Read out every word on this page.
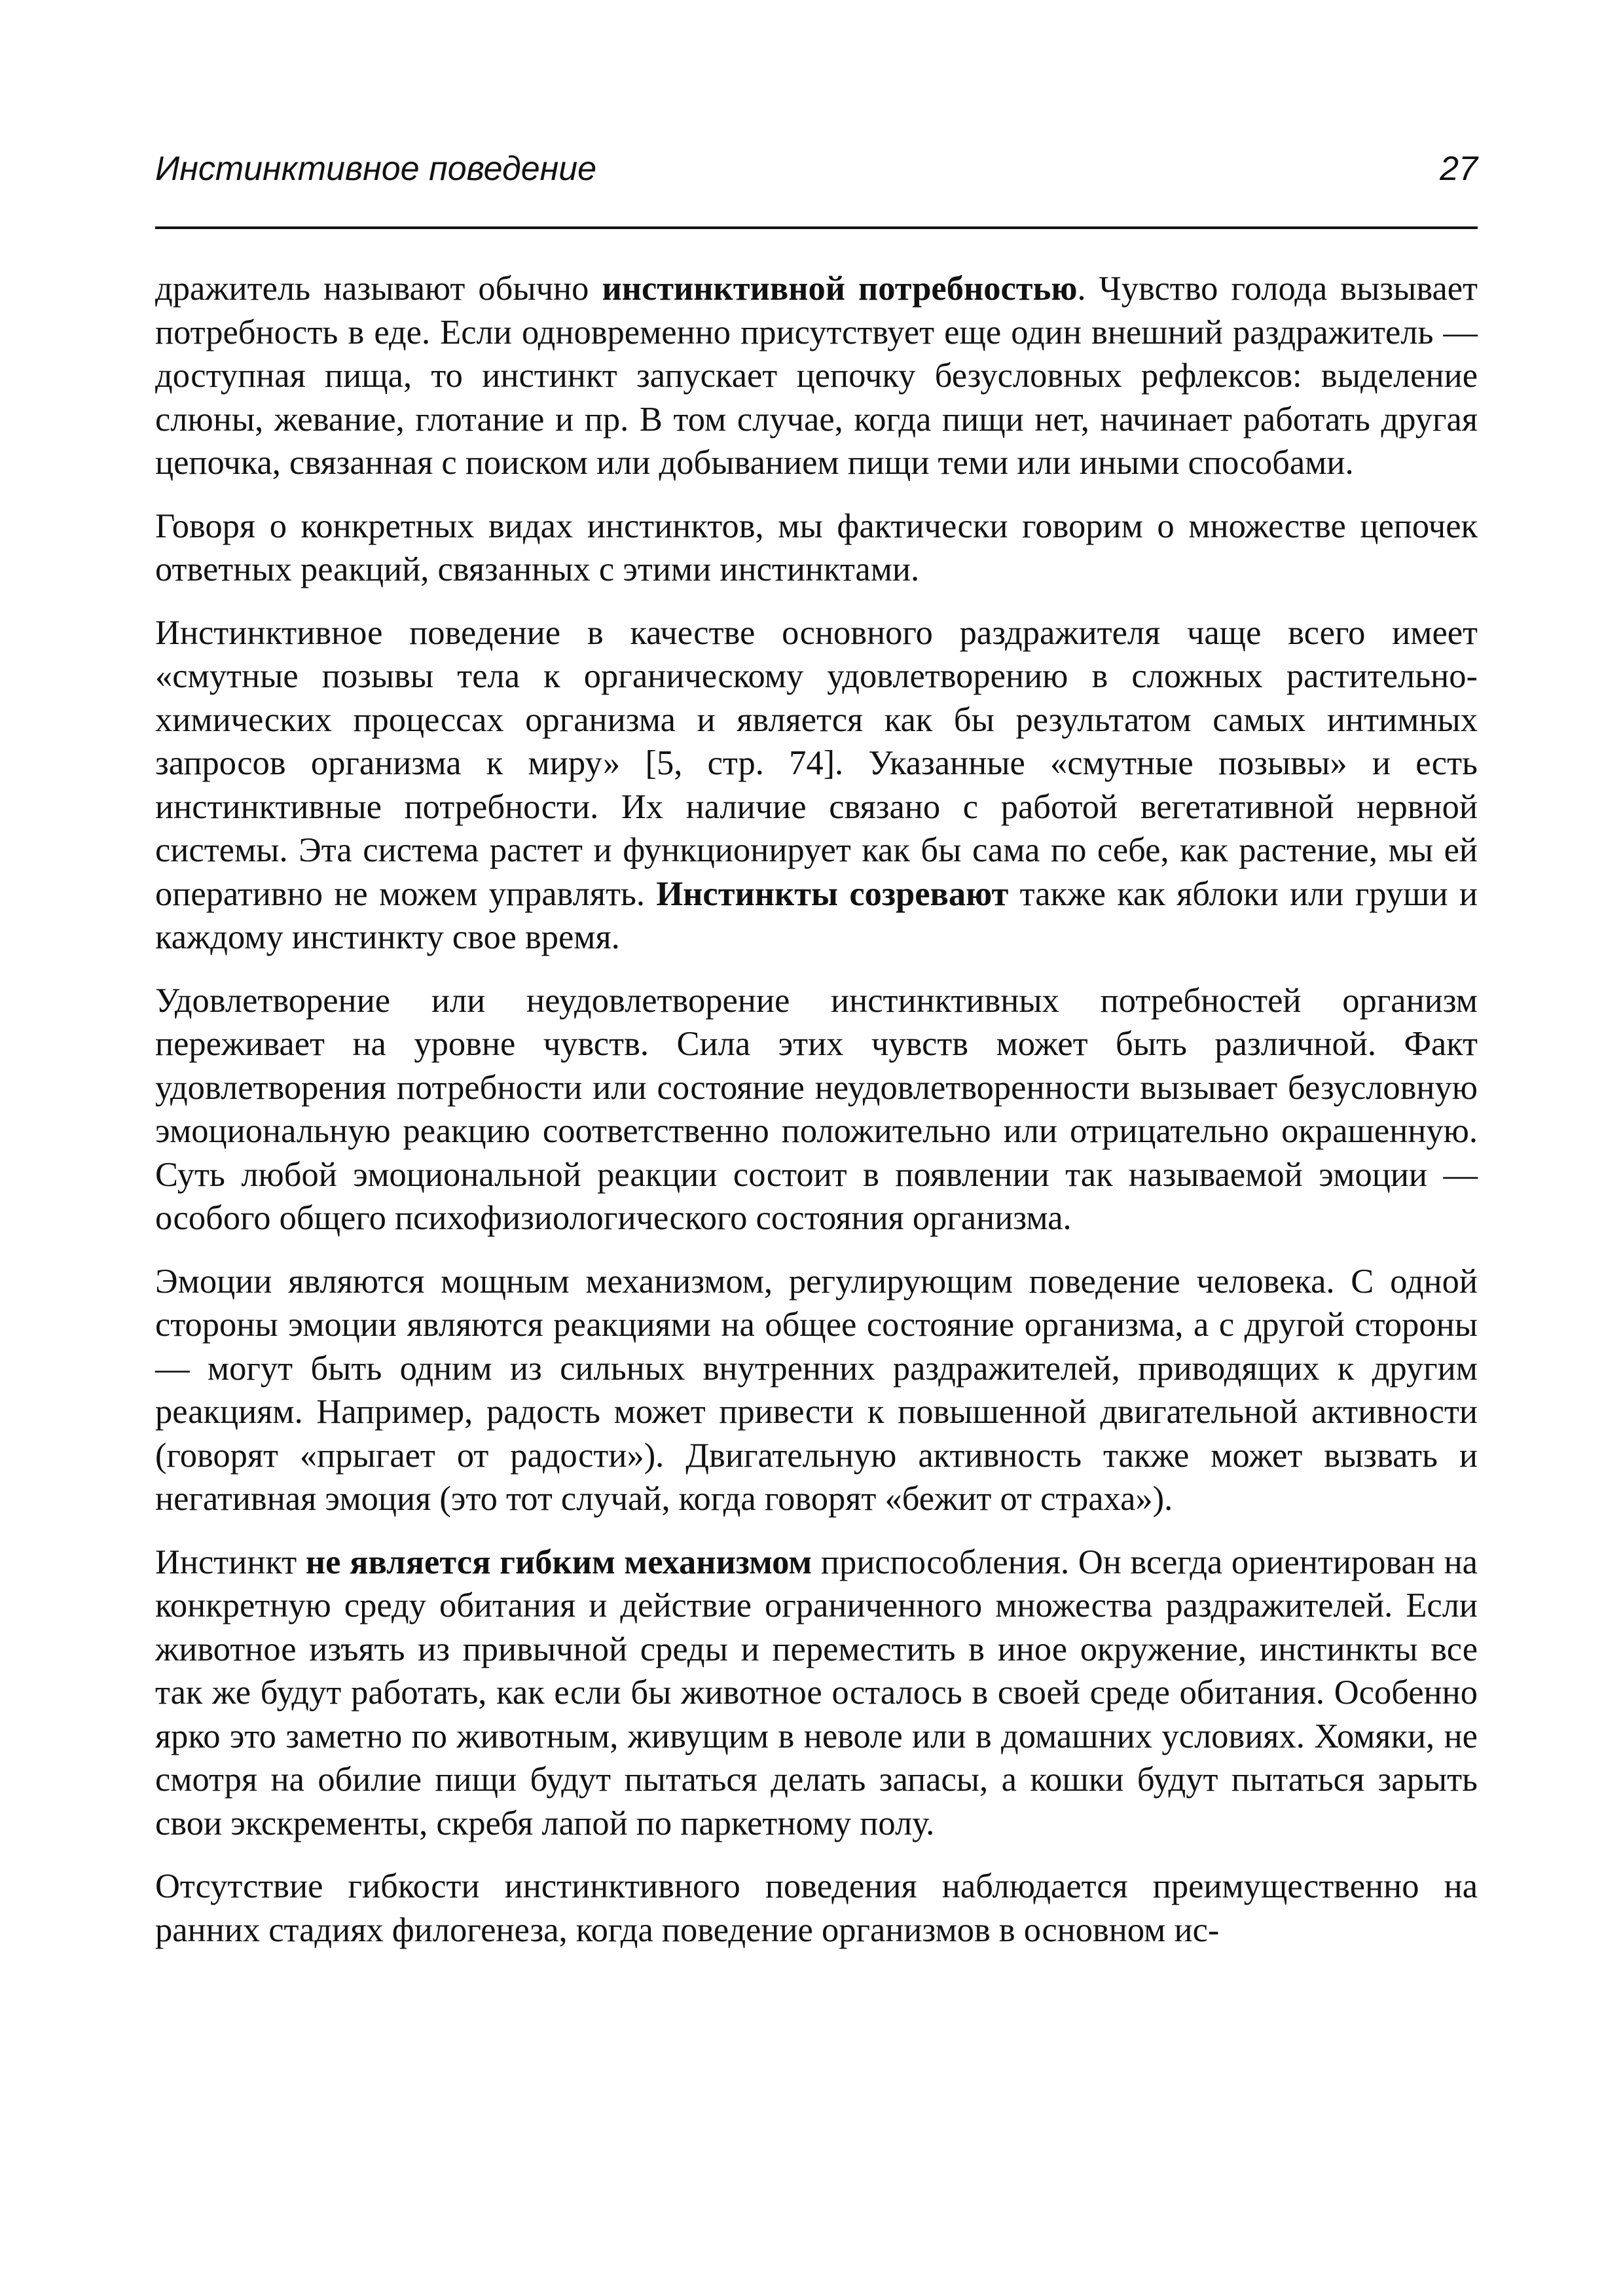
Инстинктивное поведение	27

дражитель называют обычно инстинктивной потребностью. Чувство голода вызывает потребность в еде. Если одновременно присутствует еще один внешний раздражитель — доступная пища, то инстинкт запускает цепочку безусловных рефлексов: выделение слюны, жевание, глотание и пр. В том случае, когда пищи нет, начинает работать другая цепочка, связанная с поиском или добыванием пищи теми или иными способами.

Говоря о конкретных видах инстинктов, мы фактически говорим о множестве цепочек ответных реакций, связанных с этими инстинктами.

Инстинктивное поведение в качестве основного раздражителя чаще всего имеет «смутные позывы тела к органическому удовлетворению в сложных растительно-химических процессах организма и является как бы результатом самых интимных запросов организма к миру» [5, стр. 74]. Указанные «смутные позывы» и есть инстинктивные потребности. Их наличие связано с работой вегетативной нервной системы. Эта система растет и функционирует как бы сама по себе, как растение, мы ей оперативно не можем управлять. Инстинкты созревают также как яблоки или груши и каждому инстинкту свое время.

Удовлетворение или неудовлетворение инстинктивных потребностей организм переживает на уровне чувств. Сила этих чувств может быть различной. Факт удовлетворения потребности или состояние неудовлетворенности вызывает безусловную эмоциональную реакцию соответственно положительно или отрицательно окрашенную. Суть любой эмоциональной реакции состоит в появлении так называемой эмоции — особого общего психофизиологического состояния организма.

Эмоции являются мощным механизмом, регулирующим поведение человека. С одной стороны эмоции являются реакциями на общее состояние организма, а с другой стороны — могут быть одним из сильных внутренних раздражителей, приводящих к другим реакциям. Например, радость может привести к повышенной двигательной активности (говорят «прыгает от радости»). Двигательную активность также может вызвать и негативная эмоция (это тот случай, когда говорят «бежит от страха»).

Инстинкт не является гибким механизмом приспособления. Он всегда ориентирован на конкретную среду обитания и действие ограниченного множества раздражителей. Если животное изъять из привычной среды и переместить в иное окружение, инстинкты все так же будут работать, как если бы животное осталось в своей среде обитания. Особенно ярко это заметно по животным, живущим в неволе или в домашних условиях. Хомяки, не смотря на обилие пищи будут пытаться делать запасы, а кошки будут пытаться зарыть свои экскременты, скребя лапой по паркетному полу.

Отсутствие гибкости инстинктивного поведения наблюдается преимущественно на ранних стадиях филогенеза, когда поведение организмов в основном ис-
